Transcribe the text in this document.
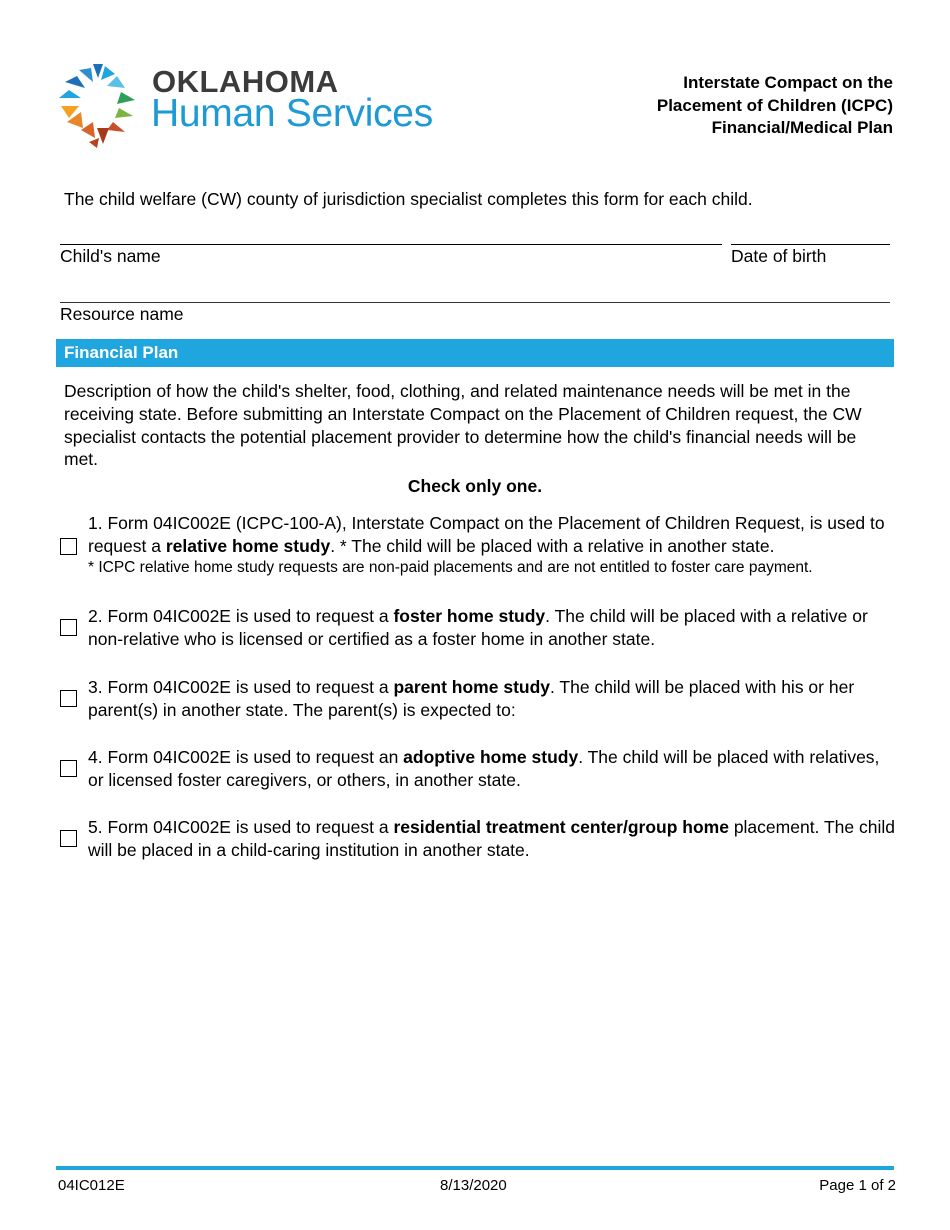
OKLAHOMA
Human Services
Interstate Compact on the
Placement of Children (ICPC)
Financial/Medical Plan
The child welfare (CW) county of jurisdiction specialist completes this form for each child.
Child's name	Date of birth
Resource name
Financial Plan
Description of how the child's shelter, food, clothing, and related maintenance needs will be met in the receiving state. Before submitting an Interstate Compact on the Placement of Children request, the CW specialist contacts the potential placement provider to determine how the child's financial needs will be met.
Check only one.
1. Form 04IC002E (ICPC-100-A), Interstate Compact on the Placement of Children Request, is used to request a relative home study. * The child will be placed with a relative in another state.
* ICPC relative home study requests are non-paid placements and are not entitled to foster care payment.
2. Form 04IC002E is used to request a foster home study. The child will be placed with a relative or non-relative who is licensed or certified as a foster home in another state.
3. Form 04IC002E is used to request a parent home study. The child will be placed with his or her parent(s) in another state. The parent(s) is expected to:
4. Form 04IC002E is used to request an adoptive home study. The child will be placed with relatives, or licensed foster caregivers, or others, in another state.
5. Form 04IC002E is used to request a residential treatment center/group home placement. The child will be placed in a child-caring institution in another state.
04IC012E	8/13/2020	Page 1 of 2
